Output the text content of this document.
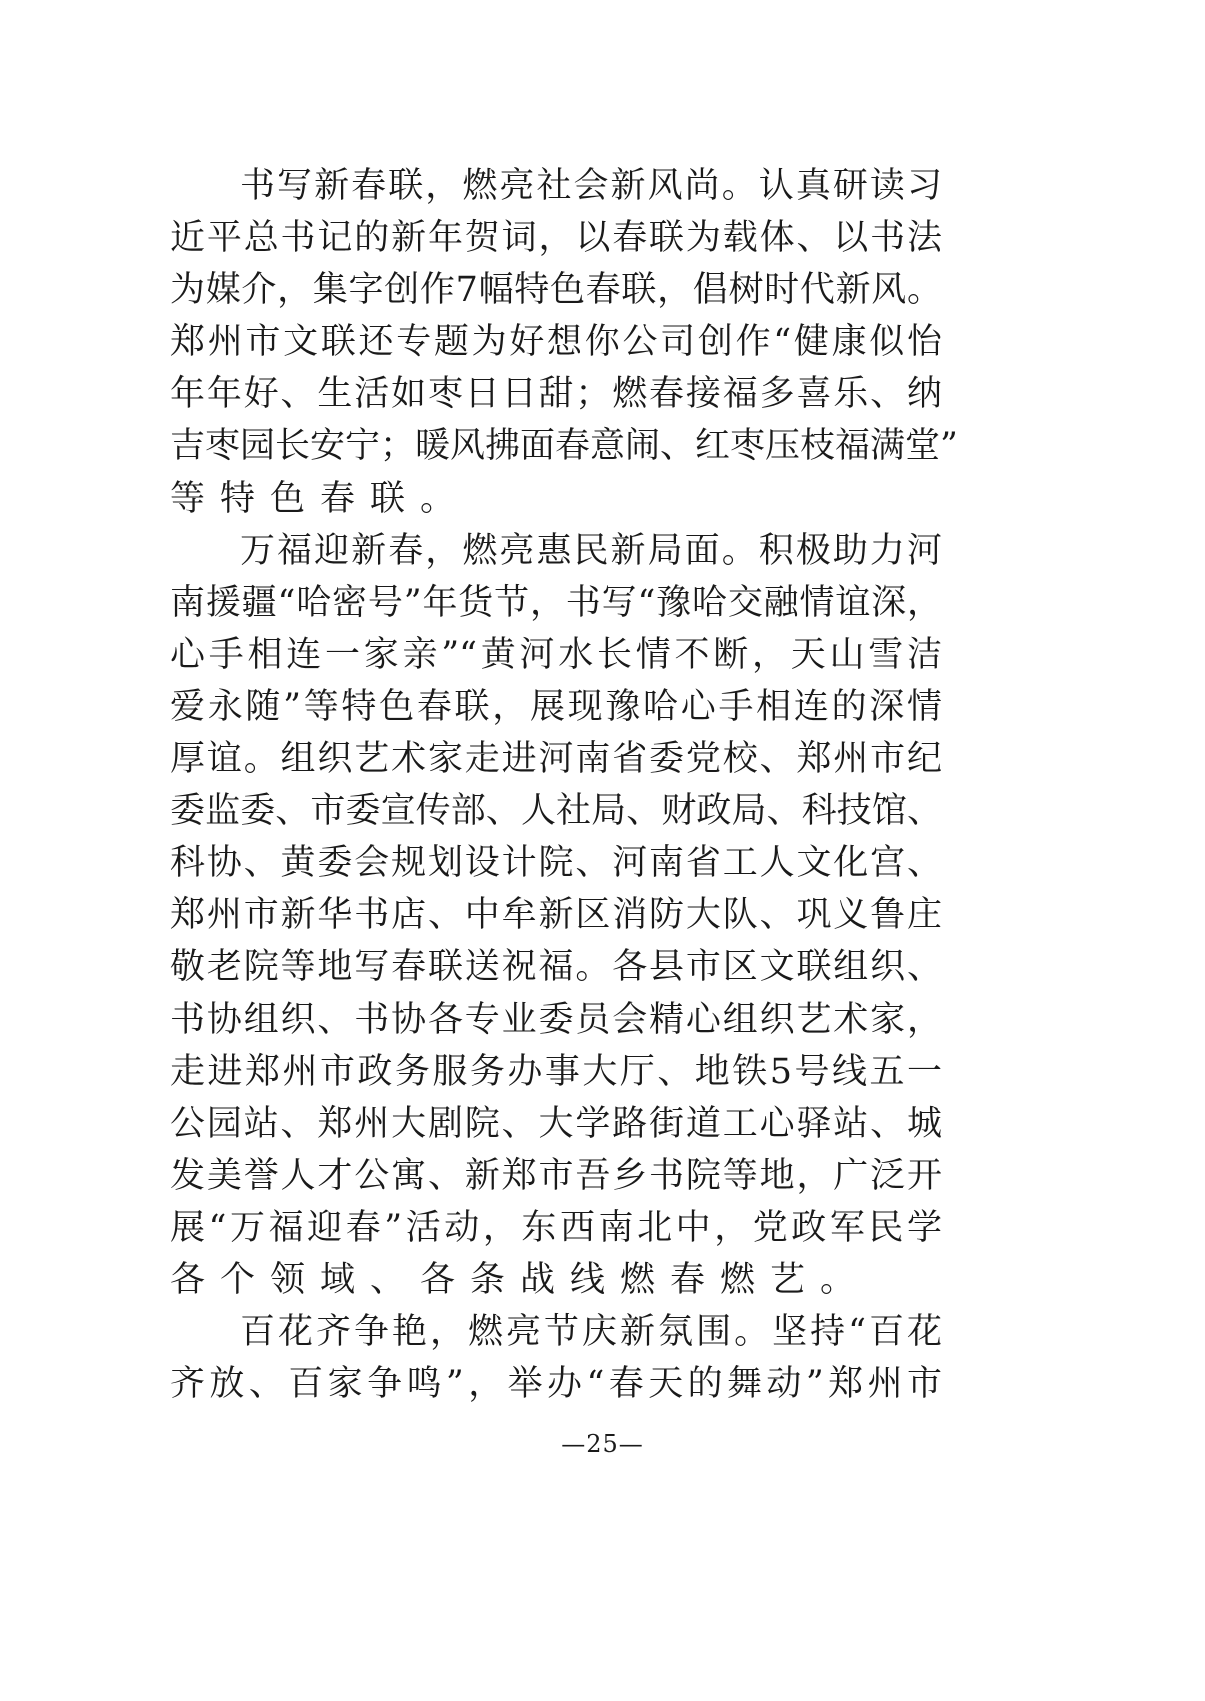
书写新春联，燃亮社会新风尚。认真研读习
近平总书记的新年贺词，以春联为载体、以书法
为媒介，集字创作7幅特色春联，倡树时代新风。
郑州市文联还专题为好想你公司创作“健康似怡
年年好、生活如枣日日甜；燃春接福多喜乐、纳
吉枣园长安宁；暖风拂面春意闹、红枣压枝福满堂”
等特色春联。
万福迎新春，燃亮惠民新局面。积极助力河
南援疆“哈密号”年货节，书写“豫哈交融情谊深，
心手相连一家亲”“黄河水长情不断，天山雪洁
爱永随”等特色春联，展现豫哈心手相连的深情
厚谊。组织艺术家走进河南省委党校、郑州市纪
委监委、市委宣传部、人社局、财政局、科技馆、
科协、黄委会规划设计院、河南省工人文化宫、
郑州市新华书店、中牟新区消防大队、巩义鲁庄
敬老院等地写春联送祝福。各县市区文联组织、
书协组织、书协各专业委员会精心组织艺术家，
走进郑州市政务服务办事大厅、地铁5号线五一
公园站、郑州大剧院、大学路街道工心驿站、城
发美誉人才公寓、新郑市吾乡书院等地，广泛开
展“万福迎春”活动，东西南北中，党政军民学
各个领域、各条战线燃春燃艺。
百花齐争艳，燃亮节庆新氛围。坚持“百花
齐放、百家争鸣”，举办“春天的舞动”郑州市
—25—
